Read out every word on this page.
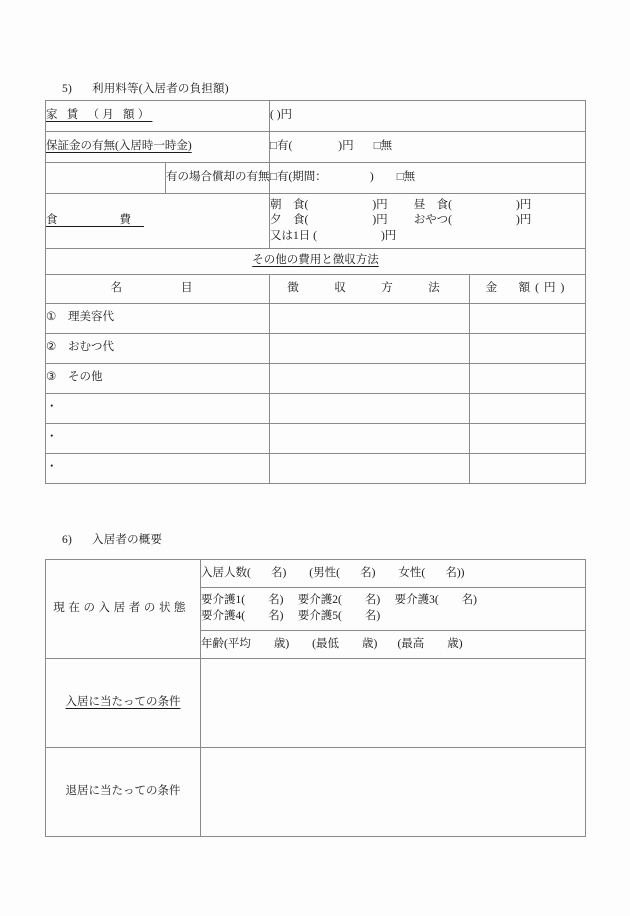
5) 利用料等(入居者の負担額)
家 賃 （月 額）		( )円	
保証金の有無(入居時一時金)		□有(                )円       □無	
	有の場合償却の有無	□有(期間：               )        □無	
食　　費		朝　食( )円 昼　食( )円
夕　食( )円 おやつ( )円
又は1日 ( )円	

その他の費用と徴収方法			

名　　目		徴　収　方　法	金　額(円)
① 理美容代			
② おむつ代			
③ その他			
・			
・			
・			
6) 入居者の概要
現在の入居者の状態	入居人数(       名)        (男性(       名)        女性(       名))
	要介護1(        名)     要介護2(        名)     要介護3(        名) 要介護4(        名)     要介護5(        名)
	年齢(平均        歳)        (最低        歳)       (最高        歳)
入居に当たっての条件	
退居に当たっての条件	
